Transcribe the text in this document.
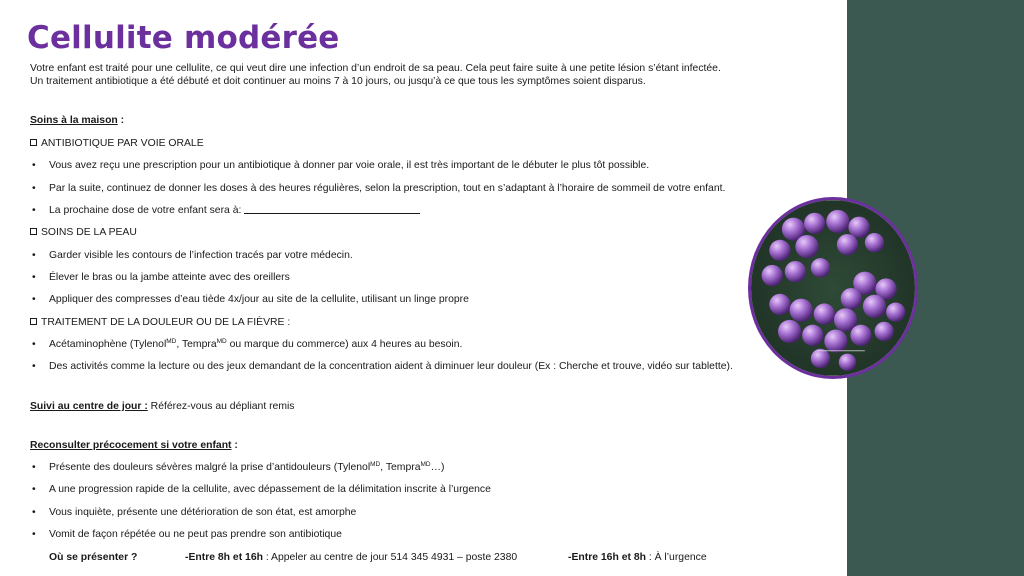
Cellulite modérée
Votre enfant est traité pour une cellulite, ce qui veut dire une infection d’un endroit de sa peau. Cela peut faire suite à une petite lésion s’étant infectée.
Un traitement antibiotique a été débuté et doit continuer au moins 7 à 10 jours, ou jusqu’à ce que tous les symptômes soient disparus.
Soins à la maison :
ANTIBIOTIQUE PAR VOIE ORALE
• Vous avez reçu une prescription pour un antibiotique à donner par voie orale, il est très important de le débuter le plus tôt possible.
• Par la suite, continuez de donner les doses à des heures régulières, selon la prescription, tout en s’adaptant à l’horaire de sommeil de votre enfant.
• La prochaine dose de votre enfant sera à:
SOINS DE LA PEAU
• Garder visible les contours de l’infection tracés par votre médecin.
• Élever le bras ou la jambe atteinte avec des oreillers
• Appliquer des compresses d’eau tiède 4x/jour au site de la cellulite, utilisant un linge propre
TRAITEMENT DE LA DOULEUR OU DE LA FIÈVRE :
• Acétaminophène (Tylenol$^{MD}$, Tempra$^{MD}$ ou marque du commerce) aux 4 heures au besoin.
• Des activités comme la lecture ou des jeux demandant de la concentration aident à diminuer leur douleur (Ex : Cherche et trouve, vidéo sur tablette).
Suivi au centre de jour : Référez-vous au dépliant remis
Reconsulter précocement si votre enfant :
• Présente des douleurs sévères malgré la prise d’antidouleurs (Tylenol$^{MD}$, Tempra$^{MD}$…)
• A une progression rapide de la cellulite, avec dépassement de la délimitation inscrite à l’urgence
• Vous inquiète, présente une détérioration de son état, est amorphe
• Vomit de façon répétée ou ne peut pas prendre son antibiotique
Où se présenter ?	-Entre 8h et 16h : Appeler au centre de jour 514 345 4931 – poste 2380	-Entre 16h et 8h : À l’urgence
